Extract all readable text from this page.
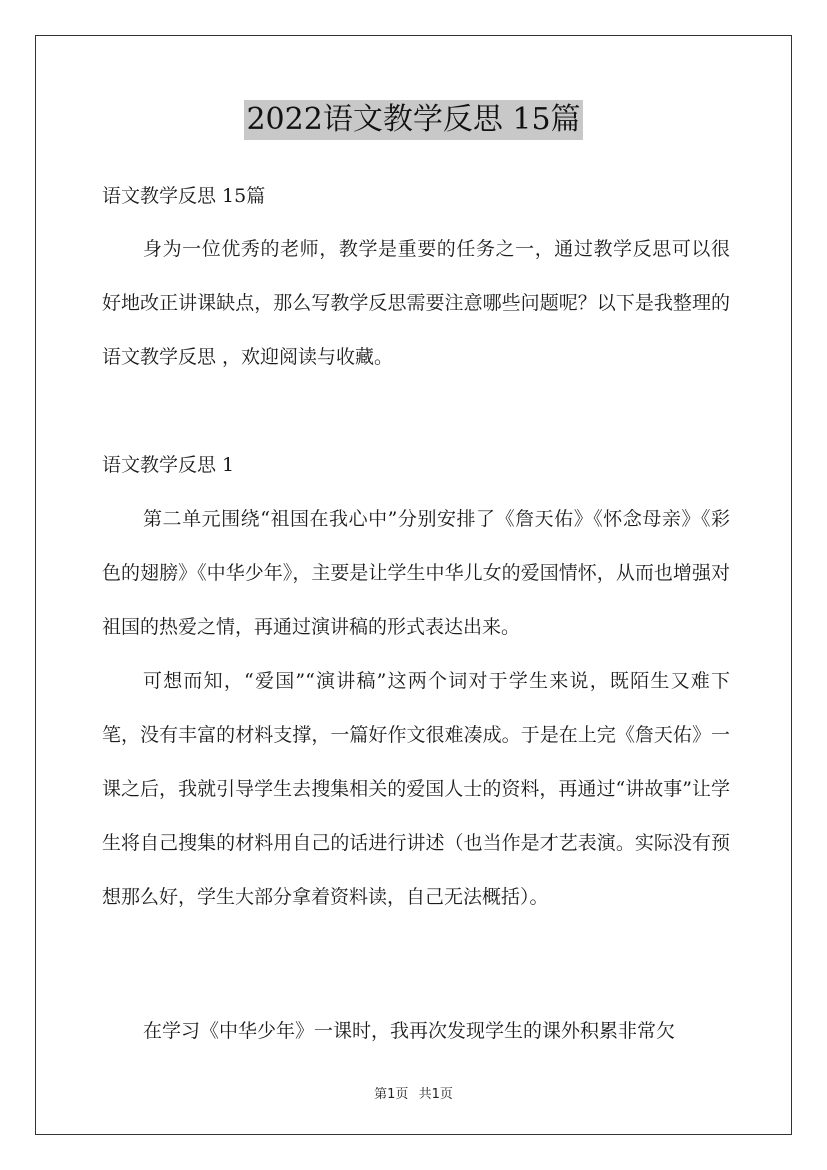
2022语文教学反思 15篇

语文教学反思 15篇

身为一位优秀的老师，教学是重要的任务之一，通过教学反思可以很好地改正讲课缺点，那么写教学反思需要注意哪些问题呢？以下是我整理的语文教学反思 ，欢迎阅读与收藏。

语文教学反思 1

第二单元围绕“祖国在我心中”分别安排了《詹天佑》《怀念母亲》《彩色的翅膀》《中华少年》，主要是让学生中华儿女的爱国情怀，从而也增强对祖国的热爱之情，再通过演讲稿的形式表达出来。

可想而知，“爱国”“演讲稿”这两个词对于学生来说，既陌生又难下笔，没有丰富的材料支撑，一篇好作文很难凑成。于是在上完《詹天佑》一课之后，我就引导学生去搜集相关的爱国人士的资料，再通过“讲故事”让学生将自己搜集的材料用自己的话进行讲述（也当作是才艺表演。实际没有预想那么好，学生大部分拿着资料读，自己无法概括）。

在学习《中华少年》一课时，我再次发现学生的课外积累非常欠

第1页 共1页
